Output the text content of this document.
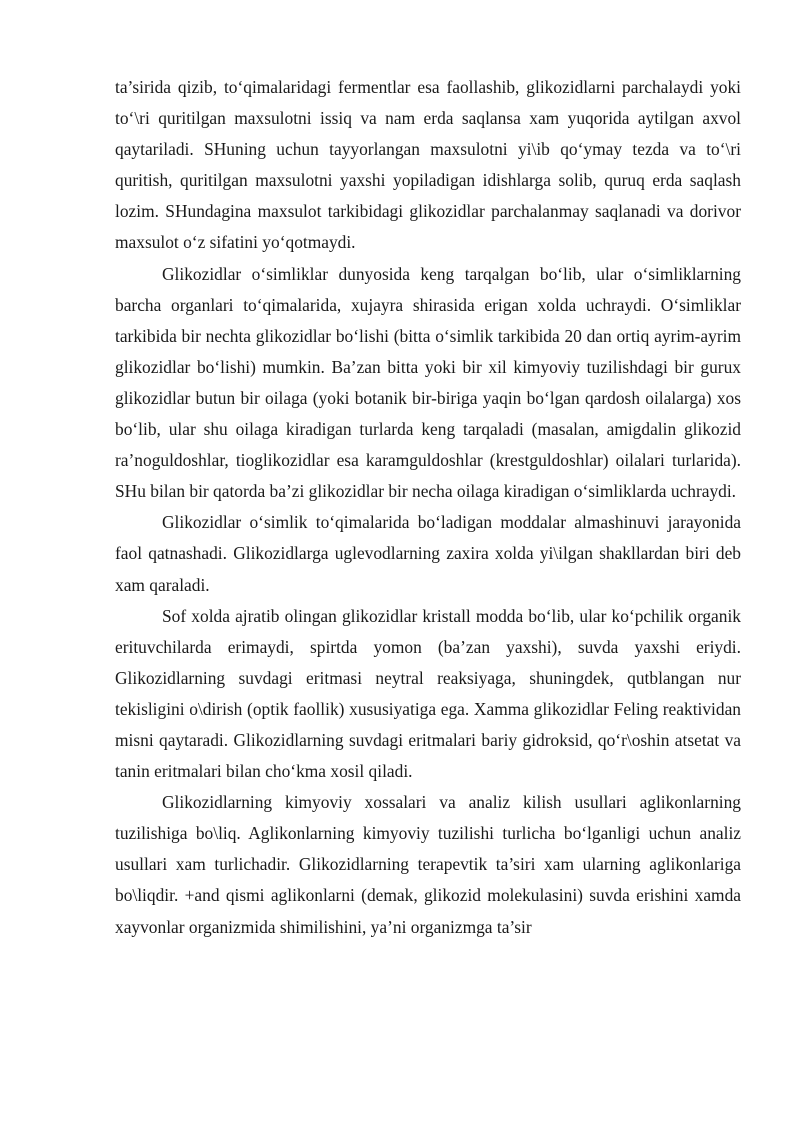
ta’sirida qizib, to‘qimalaridagi fermentlar esa faollashib, glikozidlarni parchalaydi yoki to‘\ri quritilgan maxsulotni issiq va nam erda saqlansa xam yuqorida aytilgan axvol qaytariladi. SHuning uchun tayyorlangan maxsulotni yi\ib qo‘ymay tezda va to‘\ri quritish, quritilgan maxsulotni yaxshi yopiladigan idishlarga solib, quruq erda saqlash lozim. SHundagina maxsulot tarkibidagi glikozidlar parchalanmay saqlanadi va dorivor maxsulot o‘z sifatini yo‘qotmaydi.

Glikozidlar o‘simliklar dunyosida keng tarqalgan bo‘lib, ular o‘simliklarning barcha organlari to‘qimalarida, xujayra shirasida erigan xolda uchraydi. O‘simliklar tarkibida bir nechta glikozidlar bo‘lishi (bitta o‘simlik tarkibida 20 dan ortiq ayrim-ayrim glikozidlar bo‘lishi) mumkin. Ba’zan bitta yoki bir xil kimyoviy tuzilishdagi bir gurux glikozidlar butun bir oilaga (yoki botanik bir-biriga yaqin bo‘lgan qardosh oilalarga) xos bo‘lib, ular shu oilaga kiradigan turlarda keng tarqaladi (masalan, amigdalin glikozid ra’noguldoshlar, tioglikozidlar esa karamguldoshlar (krestguldoshlar) oilalari turlarida). SHu bilan bir qatorda ba’zi glikozidlar bir necha oilaga kiradigan o‘simliklarda uchraydi.

Glikozidlar o‘simlik to‘qimalarida bo‘ladigan moddalar almashinuvi jarayonida faol qatnashadi. Glikozidlarga uglevodlarning zaxira xolda yi\ilgan shakllardan biri deb xam qaraladi.

Sof xolda ajratib olingan glikozidlar kristall modda bo‘lib, ular ko‘pchilik organik erituvchilarda erimaydi, spirtda yomon (ba’zan yaxshi), suvda yaxshi eriydi. Glikozidlarning suvdagi eritmasi neytral reaksiyaga, shuningdek, qutblangan nur tekisligini o\dirish (optik faollik) xususiyatiga ega. Xamma glikozidlar Feling reaktividan misni qaytaradi. Glikozidlarning suvdagi eritmalari bariy gidroksid, qo‘r\oshin atsetat va tanin eritmalari bilan cho‘kma xosil qiladi.

Glikozidlarning kimyoviy xossalari va analiz kilish usullari aglikonlarning tuzilishiga bo\liq. Aglikonlarning kimyoviy tuzilishi turlicha bo‘lganligi uchun analiz usullari xam turlichadir. Glikozidlarning terapevtik ta’siri xam ularning aglikonlariga bo\liqdir. +and qismi aglikonlarni (demak, glikozid molekulasini) suvda erishini xamda xayvonlar organizmida shimilishini, ya’ni organizmga ta’sir
